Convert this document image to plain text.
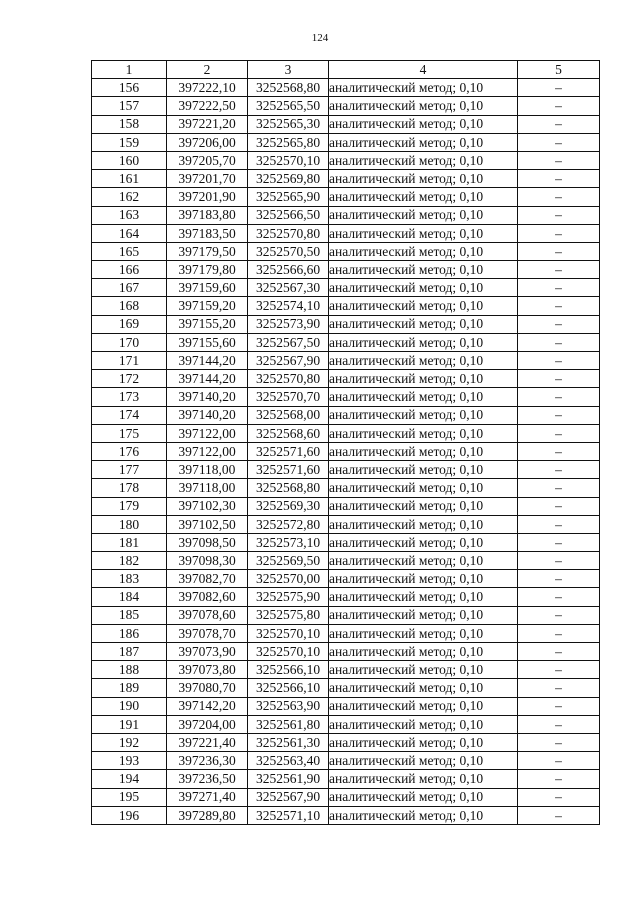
124
1	2	3	4	5
156	397222,10	3252568,80	аналитический метод; 0,10	–
157	397222,50	3252565,50	аналитический метод; 0,10	–
158	397221,20	3252565,30	аналитический метод; 0,10	–
159	397206,00	3252565,80	аналитический метод; 0,10	–
160	397205,70	3252570,10	аналитический метод; 0,10	–
161	397201,70	3252569,80	аналитический метод; 0,10	–
162	397201,90	3252565,90	аналитический метод; 0,10	–
163	397183,80	3252566,50	аналитический метод; 0,10	–
164	397183,50	3252570,80	аналитический метод; 0,10	–
165	397179,50	3252570,50	аналитический метод; 0,10	–
166	397179,80	3252566,60	аналитический метод; 0,10	–
167	397159,60	3252567,30	аналитический метод; 0,10	–
168	397159,20	3252574,10	аналитический метод; 0,10	–
169	397155,20	3252573,90	аналитический метод; 0,10	–
170	397155,60	3252567,50	аналитический метод; 0,10	–
171	397144,20	3252567,90	аналитический метод; 0,10	–
172	397144,20	3252570,80	аналитический метод; 0,10	–
173	397140,20	3252570,70	аналитический метод; 0,10	–
174	397140,20	3252568,00	аналитический метод; 0,10	–
175	397122,00	3252568,60	аналитический метод; 0,10	–
176	397122,00	3252571,60	аналитический метод; 0,10	–
177	397118,00	3252571,60	аналитический метод; 0,10	–
178	397118,00	3252568,80	аналитический метод; 0,10	–
179	397102,30	3252569,30	аналитический метод; 0,10	–
180	397102,50	3252572,80	аналитический метод; 0,10	–
181	397098,50	3252573,10	аналитический метод; 0,10	–
182	397098,30	3252569,50	аналитический метод; 0,10	–
183	397082,70	3252570,00	аналитический метод; 0,10	–
184	397082,60	3252575,90	аналитический метод; 0,10	–
185	397078,60	3252575,80	аналитический метод; 0,10	–
186	397078,70	3252570,10	аналитический метод; 0,10	–
187	397073,90	3252570,10	аналитический метод; 0,10	–
188	397073,80	3252566,10	аналитический метод; 0,10	–
189	397080,70	3252566,10	аналитический метод; 0,10	–
190	397142,20	3252563,90	аналитический метод; 0,10	–
191	397204,00	3252561,80	аналитический метод; 0,10	–
192	397221,40	3252561,30	аналитический метод; 0,10	–
193	397236,30	3252563,40	аналитический метод; 0,10	–
194	397236,50	3252561,90	аналитический метод; 0,10	–
195	397271,40	3252567,90	аналитический метод; 0,10	–
196	397289,80	3252571,10	аналитический метод; 0,10	–
